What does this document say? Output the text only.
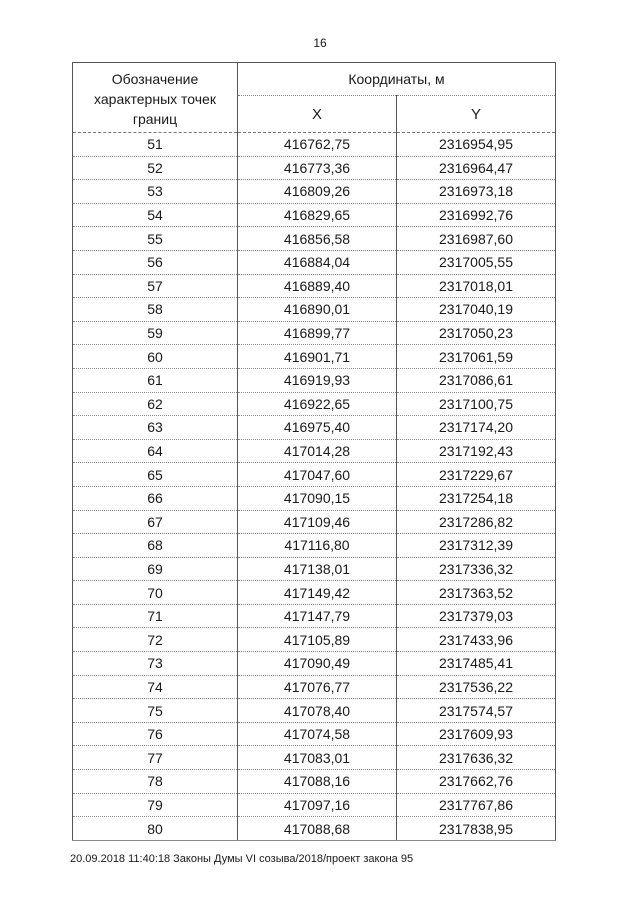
16
Обозначение характерных точек границ	Координаты, м	
	X	Y
51	416762,75	2316954,95
52	416773,36	2316964,47
53	416809,26	2316973,18
54	416829,65	2316992,76
55	416856,58	2316987,60
56	416884,04	2317005,55
57	416889,40	2317018,01
58	416890,01	2317040,19
59	416899,77	2317050,23
60	416901,71	2317061,59
61	416919,93	2317086,61
62	416922,65	2317100,75
63	416975,40	2317174,20
64	417014,28	2317192,43
65	417047,60	2317229,67
66	417090,15	2317254,18
67	417109,46	2317286,82
68	417116,80	2317312,39
69	417138,01	2317336,32
70	417149,42	2317363,52
71	417147,79	2317379,03
72	417105,89	2317433,96
73	417090,49	2317485,41
74	417076,77	2317536,22
75	417078,40	2317574,57
76	417074,58	2317609,93
77	417083,01	2317636,32
78	417088,16	2317662,76
79	417097,16	2317767,86
80	417088,68	2317838,95
20.09.2018 11:40:18 Законы Думы VI созыва/2018/проект закона 95
